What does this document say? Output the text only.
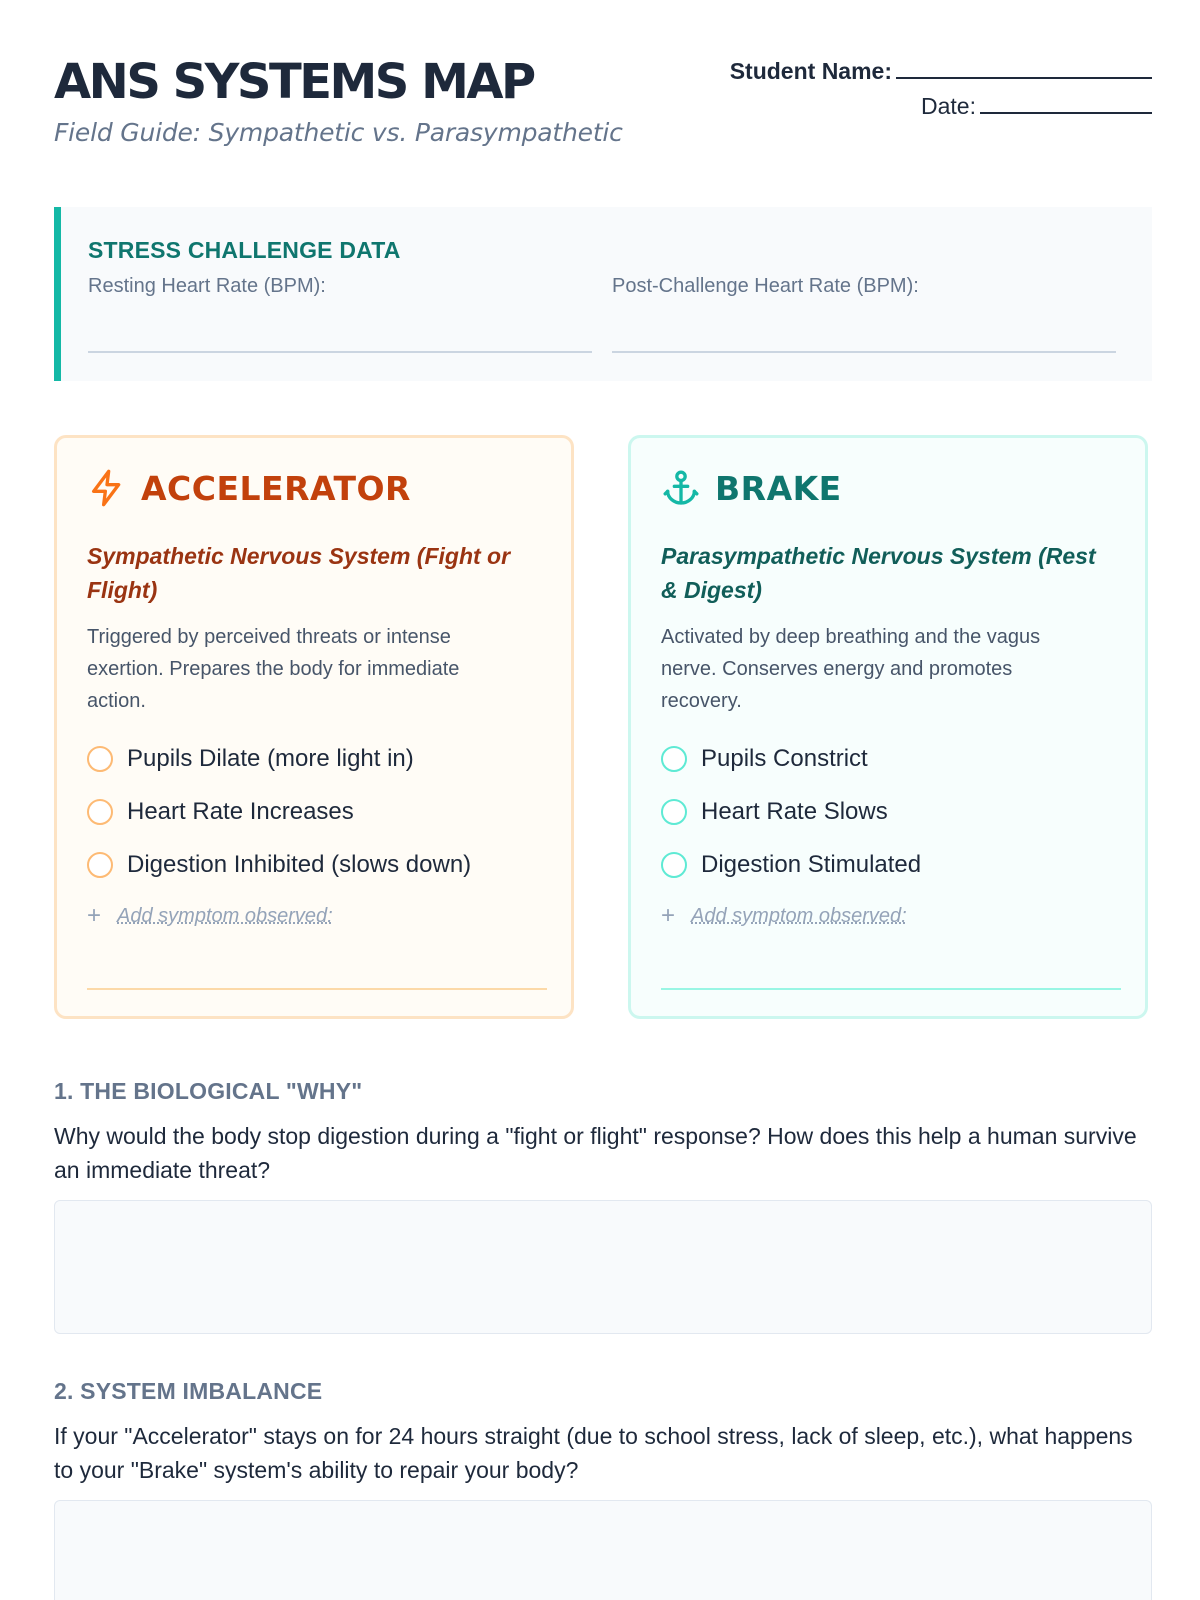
ANS SYSTEMS MAP
Field Guide: Sympathetic vs. Parasympathetic
Student Name:
Date:
STRESS CHALLENGE DATA
Resting Heart Rate (BPM):	Post-Challenge Heart Rate (BPM):
ACCELERATOR
Sympathetic Nervous System (Fight or Flight)
Triggered by perceived threats or intense exertion. Prepares the body for immediate action.
Pupils Dilate (more light in)
Heart Rate Increases
Digestion Inhibited (slows down)
+ Add symptom observed:
BRAKE
Parasympathetic Nervous System (Rest & Digest)
Activated by deep breathing and the vagus nerve. Conserves energy and promotes recovery.
Pupils Constrict
Heart Rate Slows
Digestion Stimulated
+ Add symptom observed:
1. THE BIOLOGICAL "WHY"
Why would the body stop digestion during a "fight or flight" response? How does this help a human survive an immediate threat?
2. SYSTEM IMBALANCE
If your "Accelerator" stays on for 24 hours straight (due to school stress, lack of sleep, etc.), what happens to your "Brake" system's ability to repair your body?
